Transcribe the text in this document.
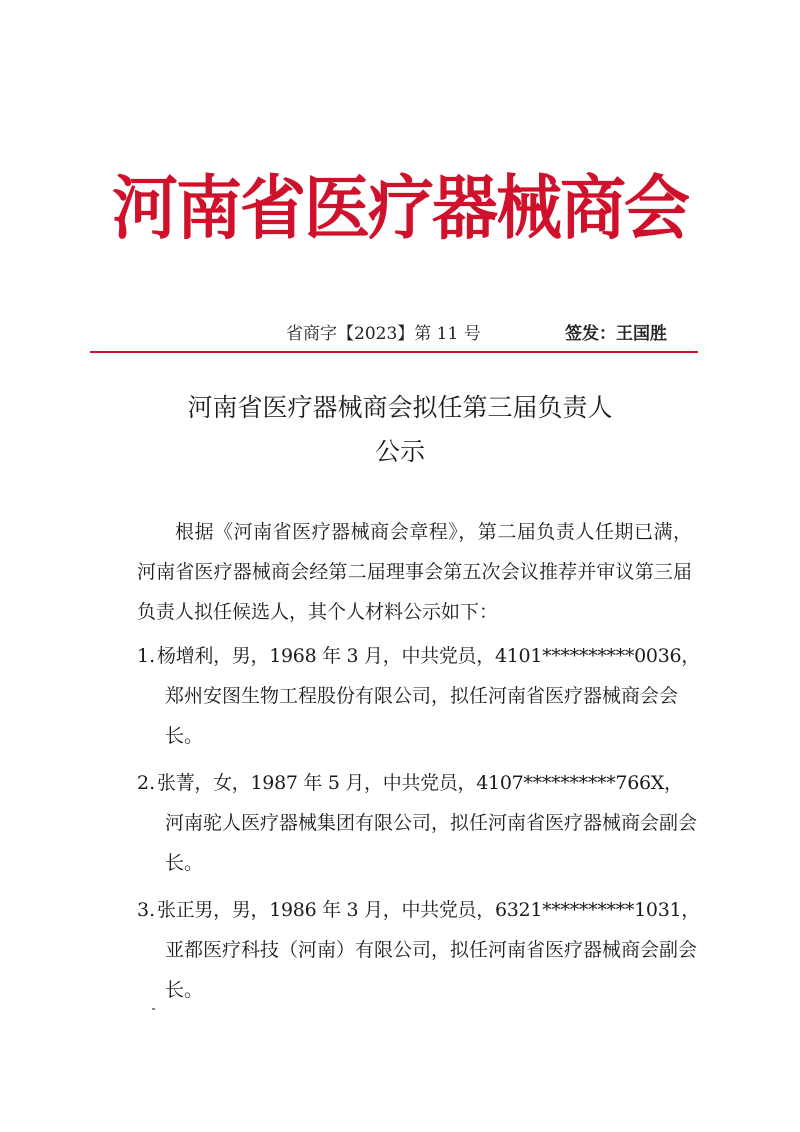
河南省医疗器械商会
省商字【2023】第 11 号	签发：王国胜
河南省医疗器械商会拟任第三届负责人
公示

根据《河南省医疗器械商会章程》，第二届负责人任期已满，河南省医疗器械商会经第二届理事会第五次会议推荐并审议第三届负责人拟任候选人，其个人材料公示如下：

1. 杨增利，男，1968 年 3 月，中共党员，4101**********0036，
郑州安图生物工程股份有限公司，拟任河南省医疗器械商会会长。
2. 张菁，女，1987 年 5 月，中共党员，4107**********766X，
河南驼人医疗器械集团有限公司，拟任河南省医疗器械商会副会长。
3. 张正男，男，1986 年 3 月，中共党员，6321**********1031，
亚都医疗科技（河南）有限公司，拟任河南省医疗器械商会副会长。
